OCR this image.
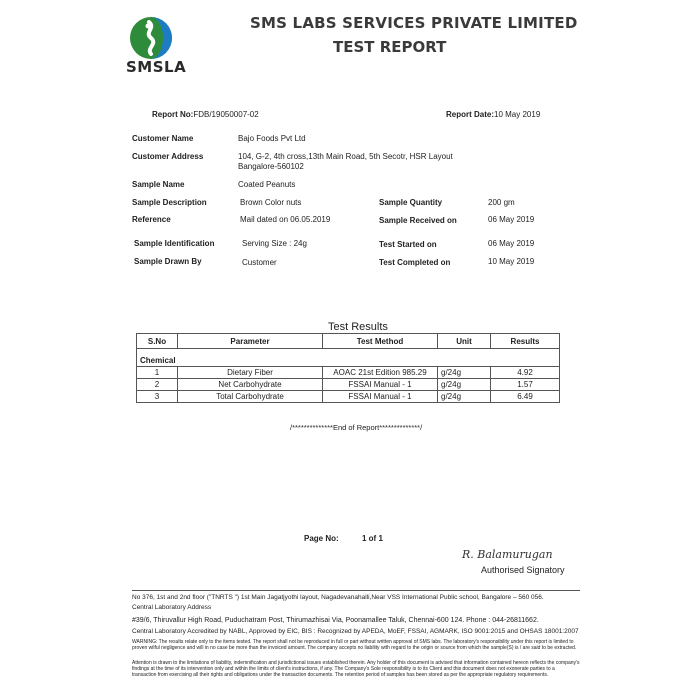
SMSLA
SMS LABS SERVICES PRIVATE LIMITED
TEST REPORT
Report No:FDB/19050007-02	Report Date:10 May 2019
Customer Name	Bajo Foods Pvt Ltd
Customer Address	104, G-2, 4th cross,13th Main Road, 5th Secotr, HSR Layout
Bangalore-560102
Sample Name	Coated Peanuts
Sample Description	Brown Color nuts	Sample Quantity	200 gm
Reference	Mail dated on 06.05.2019	Sample Received on	06 May 2019
Sample Identification	Serving Size : 24g	Test Started on	06 May 2019
Sample Drawn By	Customer	Test Completed on	10 May 2019
Test Results
S.No	Parameter	Test Method	Unit	Results
Chemical				
1	Dietary Fiber	AOAC 21st Edition 985.29	g/24g	4.92
2	Net Carbohydrate	FSSAI Manual - 1	g/24g	1.57
3	Total Carbohydrate	FSSAI Manual - 1	g/24g	6.49
/**************End of Report**************/
Page No:	1 of 1
R. Balamurugan
Authorised Signatory
No 376, 1st and 2nd floor ("TNRTS ") 1st Main Jagatjyothi layout, Nagadevanahalli,Near VSS International Public school, Bangalore – 560 056.
Central Laboratory Address
#39/6, Thiruvallur High Road, Puduchatram Post, Thirumazhisai Via, Poonamallee Taluk, Chennai-600 124. Phone : 044-26811662.
Central Laboratory Accredited by NABL, Approved by EIC, BIS : Recognized by APEDA, MoEF, FSSAI, AGMARK, ISO 9001:2015 and OHSAS 18001:2007
WARNING: The results relate only to the items tested. The report shall not be reproduced in full or part without written approval of SMS labs. The laboratory's responsibility under this report is limited to proven wilful negligence and will in no case be more than the invoiced amount. The company accepts no liability with regard to the origin or source from which the sample(S) is / are said to be extracted.
Attention is drawn to the limitations of liability, indemnification and jurisdictional issues established therein. Any holder of this document is advised that information contained hereon reflects the company's findings at the time of its intervention only and within the limits of client's instructions, if any. The Company's Sole responsibility is to its Client and this document does not exonerate parties to a transaction from exercising all their rights and obligations under the transaction documents. The retention period of samples has been stored as per the appropriate regulatory requirements.
